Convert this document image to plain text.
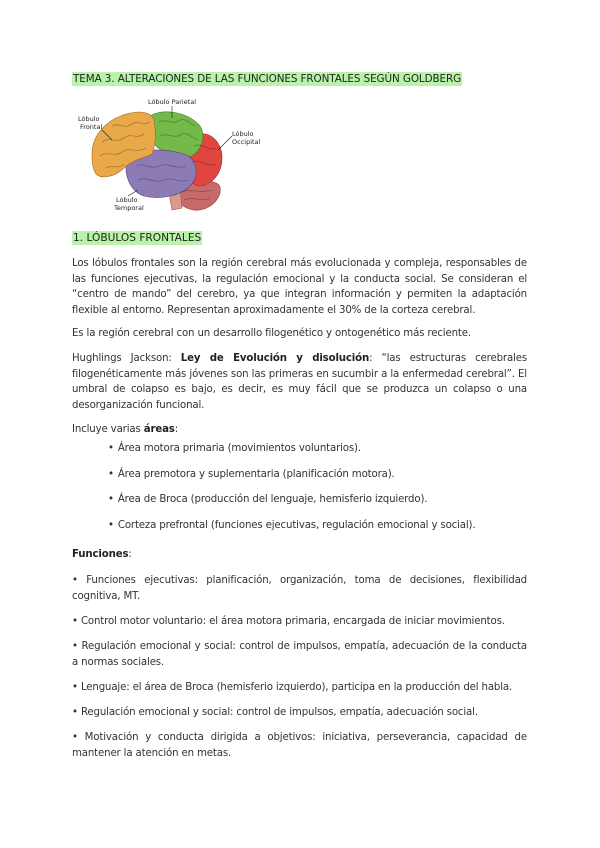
TEMA 3. ALTERACIONES DE LAS FUNCIONES FRONTALES SEGÚN GOLDBERG
Lóbulo
Frontal
Lóbulo Parietal
Lóbulo
Occipital
Lóbulo
Temporal
1. LÓBULOS FRONTALES

Los lóbulos frontales son la región cerebral más evolucionada y compleja, responsables de las funciones ejecutivas, la regulación emocional y la conducta social. Se consideran el “centro de mando” del cerebro, ya que integran información y permiten la adaptación flexible al entorno. Representan aproximadamente el 30% de la corteza cerebral.

Es la región cerebral con un desarrollo filogenético y ontogenético más reciente.

Hughlings Jackson: Ley de Evolución y disolución: “las estructuras cerebrales filogenéticamente más jóvenes son las primeras en sucumbir a la enfermedad cerebral”. El umbral de colapso es bajo, es decir, es muy fácil que se produzca un colapso o una desorganización funcional.

Incluye varias áreas:

• Área motora primaria (movimientos voluntarios).
• Área premotora y suplementaria (planificación motora).
• Área de Broca (producción del lenguaje, hemisferio izquierdo).
• Corteza prefrontal (funciones ejecutivas, regulación emocional y social).

Funciones:

• Funciones ejecutivas: planificación, organización, toma de decisiones, flexibilidad cognitiva, MT.

• Control motor voluntario: el área motora primaria, encargada de iniciar movimientos.

• Regulación emocional y social: control de impulsos, empatía, adecuación de la conducta a normas sociales.

• Lenguaje: el área de Broca (hemisferio izquierdo), participa en la producción del habla.

• Regulación emocional y social: control de impulsos, empatía, adecuación social.

• Motivación y conducta dirigida a objetivos: iniciativa, perseverancia, capacidad de mantener la atención en metas.
